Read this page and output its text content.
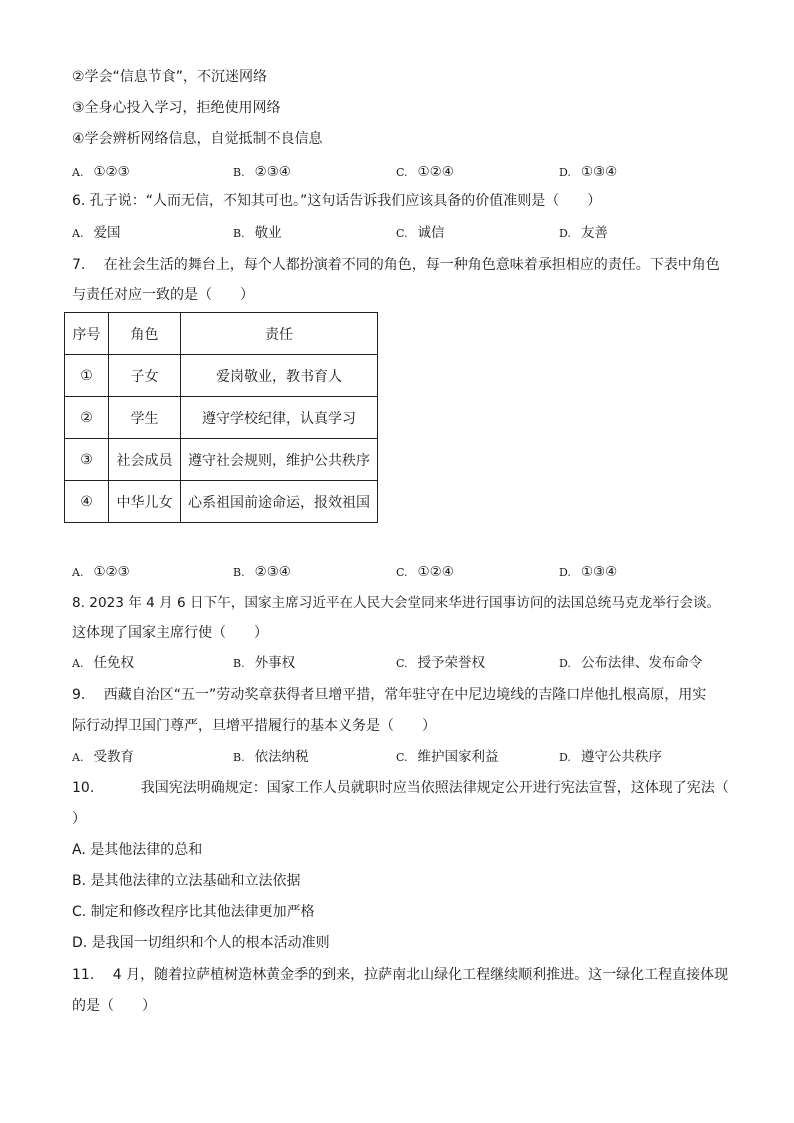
②学会“信息节食”，不沉迷网络
③全身心投入学习，拒绝使用网络
④学会辨析网络信息，自觉抵制不良信息
A. ①②③	B. ②③④	C. ①②④	D. ①③④
6. 孔子说：“人而无信，不知其可也。”这句话告诉我们应该具备的价值准则是（　　）
A. 爱国	B. 敬业	C. 诚信	D. 友善
7.　 在社会生活的舞台上，每个人都扮演着不同的角色，每一种角色意味着承担相应的责任。下表中角色
与责任对应一致的是（　　）
序号	角色	责任
①	子女	爱岗敬业，教书育人
②	学生	遵守学校纪律，认真学习
③	社会成员	遵守社会规则，维护公共秩序
④	中华儿女	心系祖国前途命运，报效祖国
A. ①②③	B. ②③④	C. ①②④	D. ①③④
8. 2023 年 4 月 6 日下午，国家主席习近平在人民大会堂同来华进行国事访问的法国总统马克龙举行会谈。
这体现了国家主席行使（　　）
A. 任免权	B. 外事权	C. 授予荣誉权	D. 公布法律、发布命令
9.　 西藏自治区“五一”劳动奖章获得者旦增平措，常年驻守在中尼边境线的吉隆口岸他扎根高原，用实
际行动捍卫国门尊严，旦增平措履行的基本义务是（　　）
A. 受教育	B. 依法纳税	C. 维护国家利益	D. 遵守公共秩序
10.　　　 我国宪法明确规定：国家工作人员就职时应当依照法律规定公开进行宪法宣誓，这体现了宪法（
）
A. 是其他法律的总和
B. 是其他法律的立法基础和立法依据
C. 制定和修改程序比其他法律更加严格
D. 是我国一切组织和个人的根本活动准则
11.　 4 月，随着拉萨植树造林黄金季的到来，拉萨南北山绿化工程继续顺利推进。这一绿化工程直接体现
的是（　　）
